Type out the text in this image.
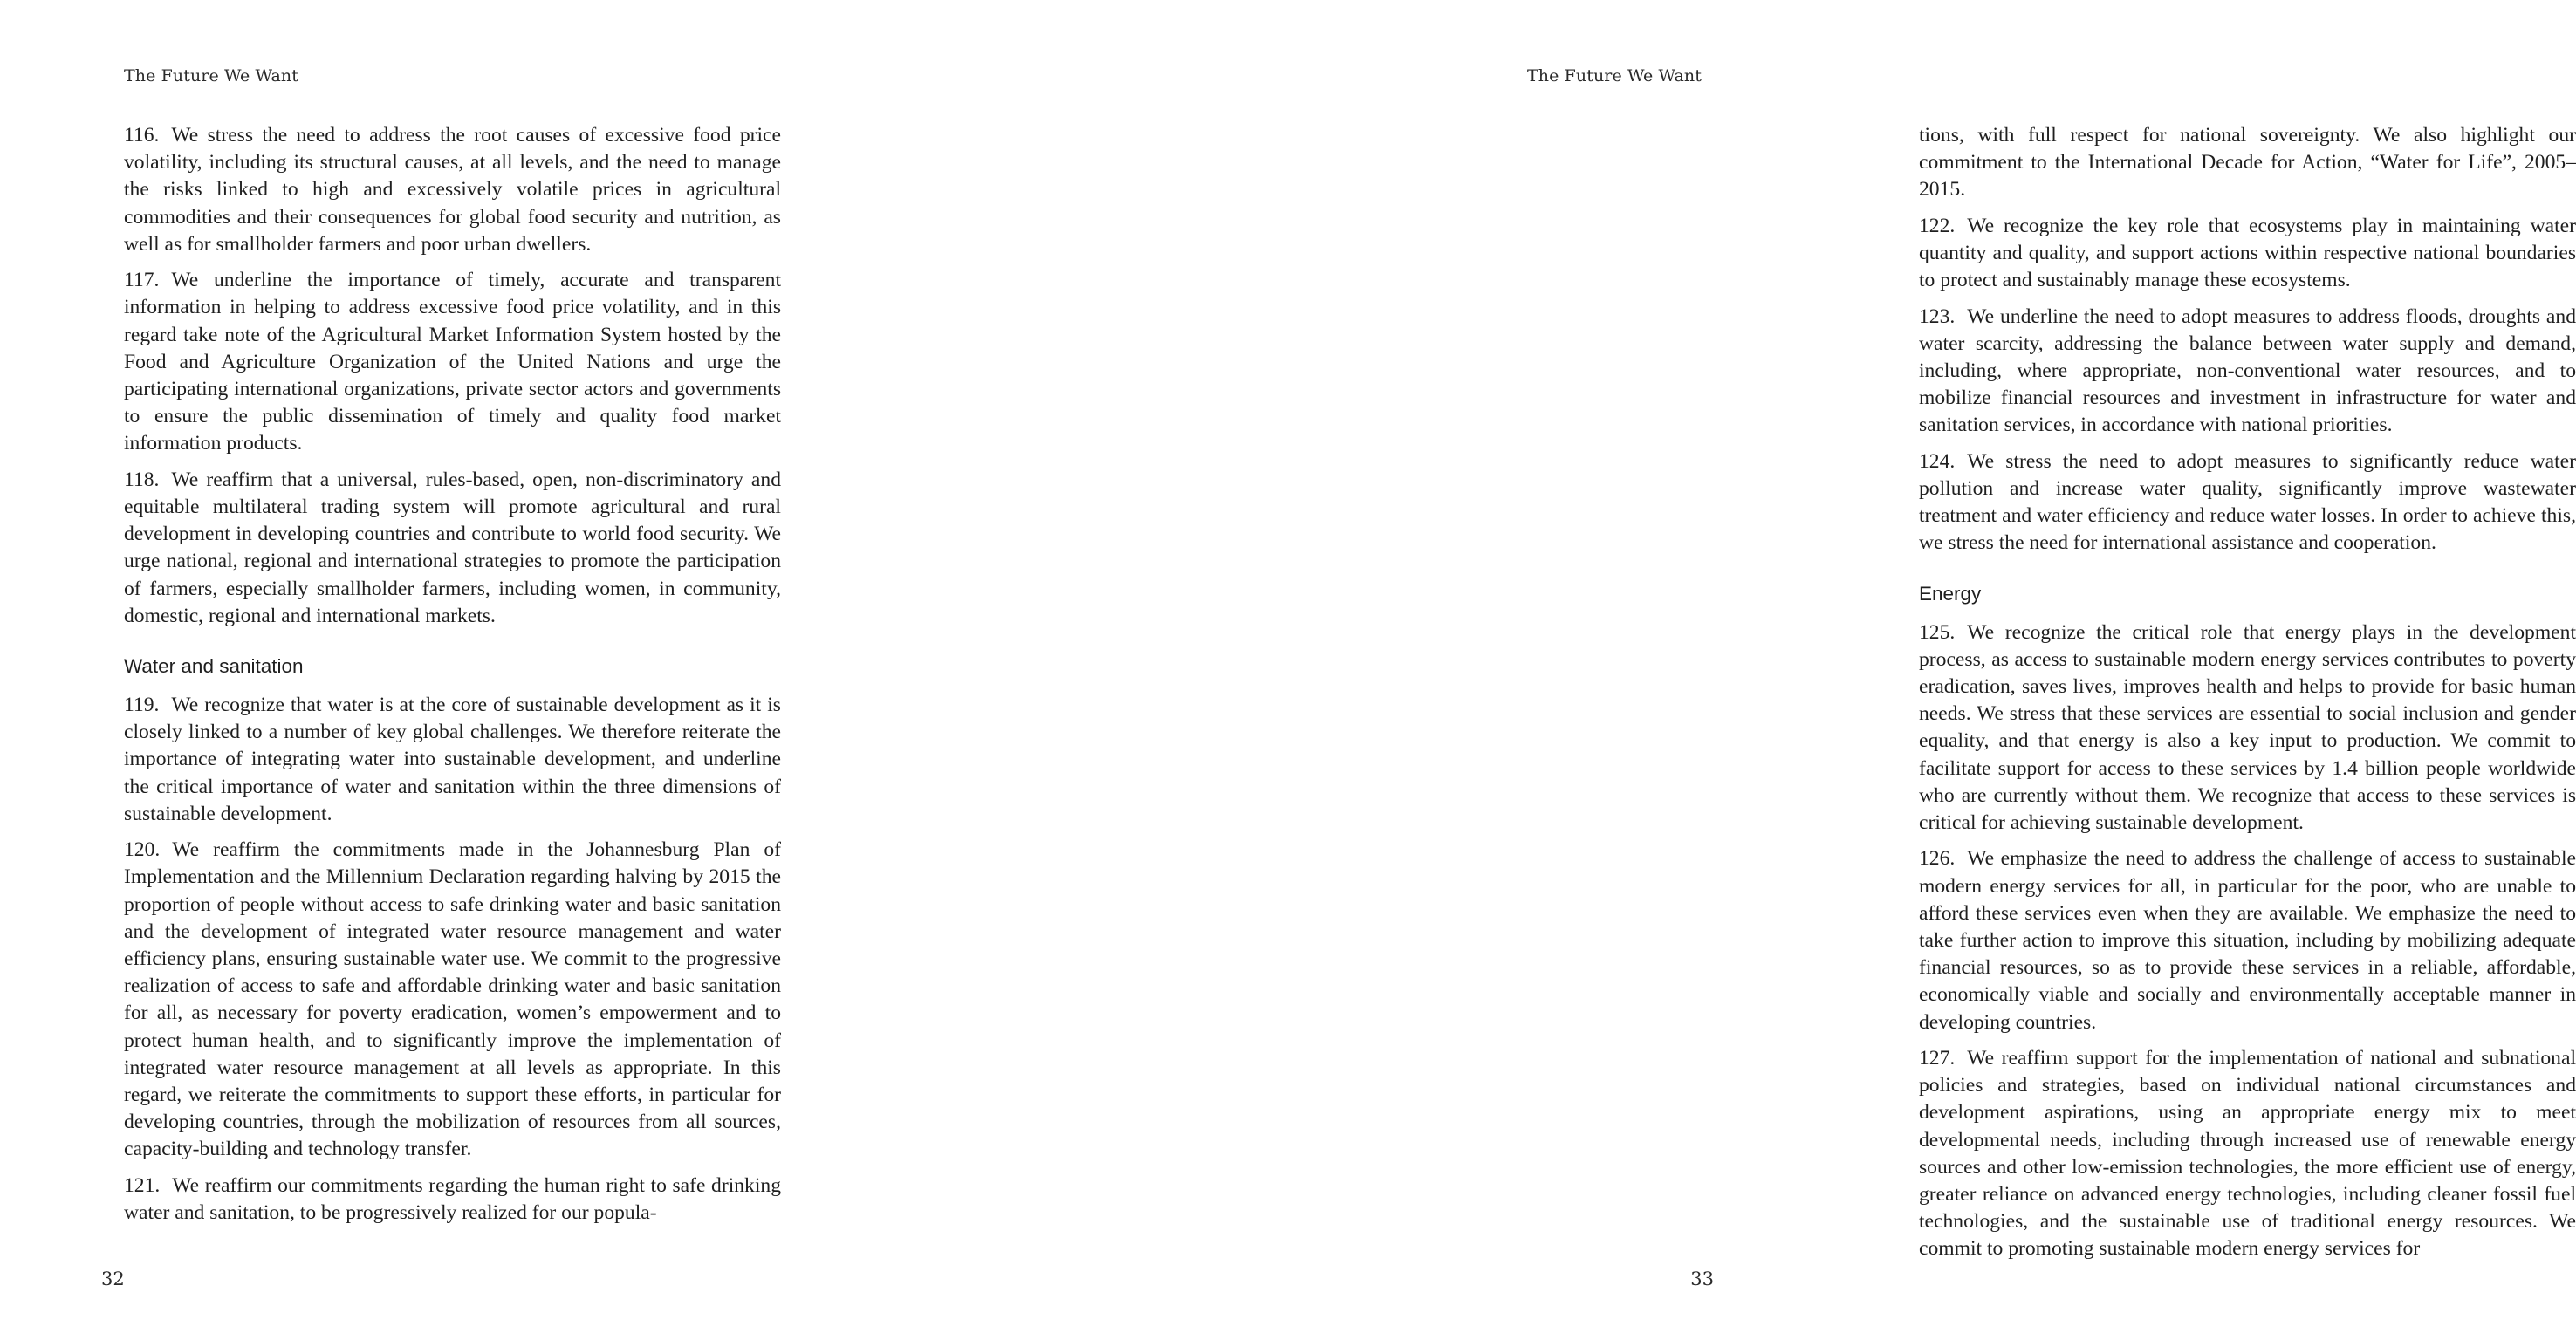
The Future We Want

116. We stress the need to address the root causes of excessive food price volatility, including its structural causes, at all levels, and the need to manage the risks linked to high and excessively volatile prices in agricultural commodities and their consequences for global food security and nutrition, as well as for smallholder farmers and poor urban dwellers.

117. We underline the importance of timely, accurate and transparent information in helping to address excessive food price volatility, and in this regard take note of the Agricultural Market Information System hosted by the Food and Agriculture Organization of the United Nations and urge the participating international organizations, private sector actors and governments to ensure the public dissemination of timely and quality food market information products.

118. We reaffirm that a universal, rules-based, open, non-discriminatory and equitable multilateral trading system will promote agricultural and rural development in developing countries and contribute to world food security. We urge national, regional and international strategies to promote the participation of farmers, especially smallholder farmers, including women, in community, domestic, regional and international markets.

Water and sanitation

119. We recognize that water is at the core of sustainable development as it is closely linked to a number of key global challenges. We therefore reiterate the importance of integrating water into sustainable development, and underline the critical importance of water and sanitation within the three dimensions of sustainable development.

120. We reaffirm the commitments made in the Johannesburg Plan of Implementation and the Millennium Declaration regarding halving by 2015 the proportion of people without access to safe drinking water and basic sanitation and the development of integrated water resource management and water efficiency plans, ensuring sustainable water use. We commit to the progressive realization of access to safe and affordable drinking water and basic sanitation for all, as necessary for poverty eradication, women’s empowerment and to protect human health, and to significantly improve the implementation of integrated water resource management at all levels as appropriate. In this regard, we reiterate the commitments to support these efforts, in particular for developing countries, through the mobilization of resources from all sources, capacity-building and technology transfer.

121. We reaffirm our commitments regarding the human right to safe drinking water and sanitation, to be progressively realized for our popula-

32
The Future We Want

tions, with full respect for national sovereignty. We also highlight our commitment to the International Decade for Action, “Water for Life”, 2005–2015.

122. We recognize the key role that ecosystems play in maintaining water quantity and quality, and support actions within respective national boundaries to protect and sustainably manage these ecosystems.

123. We underline the need to adopt measures to address floods, droughts and water scarcity, addressing the balance between water supply and demand, including, where appropriate, non-conventional water resources, and to mobilize financial resources and investment in infrastructure for water and sanitation services, in accordance with national priorities.

124. We stress the need to adopt measures to significantly reduce water pollution and increase water quality, significantly improve wastewater treatment and water efficiency and reduce water losses. In order to achieve this, we stress the need for international assistance and cooperation.

Energy

125. We recognize the critical role that energy plays in the development process, as access to sustainable modern energy services contributes to poverty eradication, saves lives, improves health and helps to provide for basic human needs. We stress that these services are essential to social inclusion and gender equality, and that energy is also a key input to production. We commit to facilitate support for access to these services by 1.4 billion people worldwide who are currently without them. We recognize that access to these services is critical for achieving sustainable development.

126. We emphasize the need to address the challenge of access to sustainable modern energy services for all, in particular for the poor, who are unable to afford these services even when they are available. We emphasize the need to take further action to improve this situation, including by mobilizing adequate financial resources, so as to provide these services in a reliable, affordable, economically viable and socially and environmentally acceptable manner in developing countries.

127. We reaffirm support for the implementation of national and subnational policies and strategies, based on individual national circumstances and development aspirations, using an appropriate energy mix to meet developmental needs, including through increased use of renewable energy sources and other low-emission technologies, the more efficient use of energy, greater reliance on advanced energy technologies, including cleaner fossil fuel technologies, and the sustainable use of traditional energy resources. We commit to promoting sustainable modern energy services for

33
